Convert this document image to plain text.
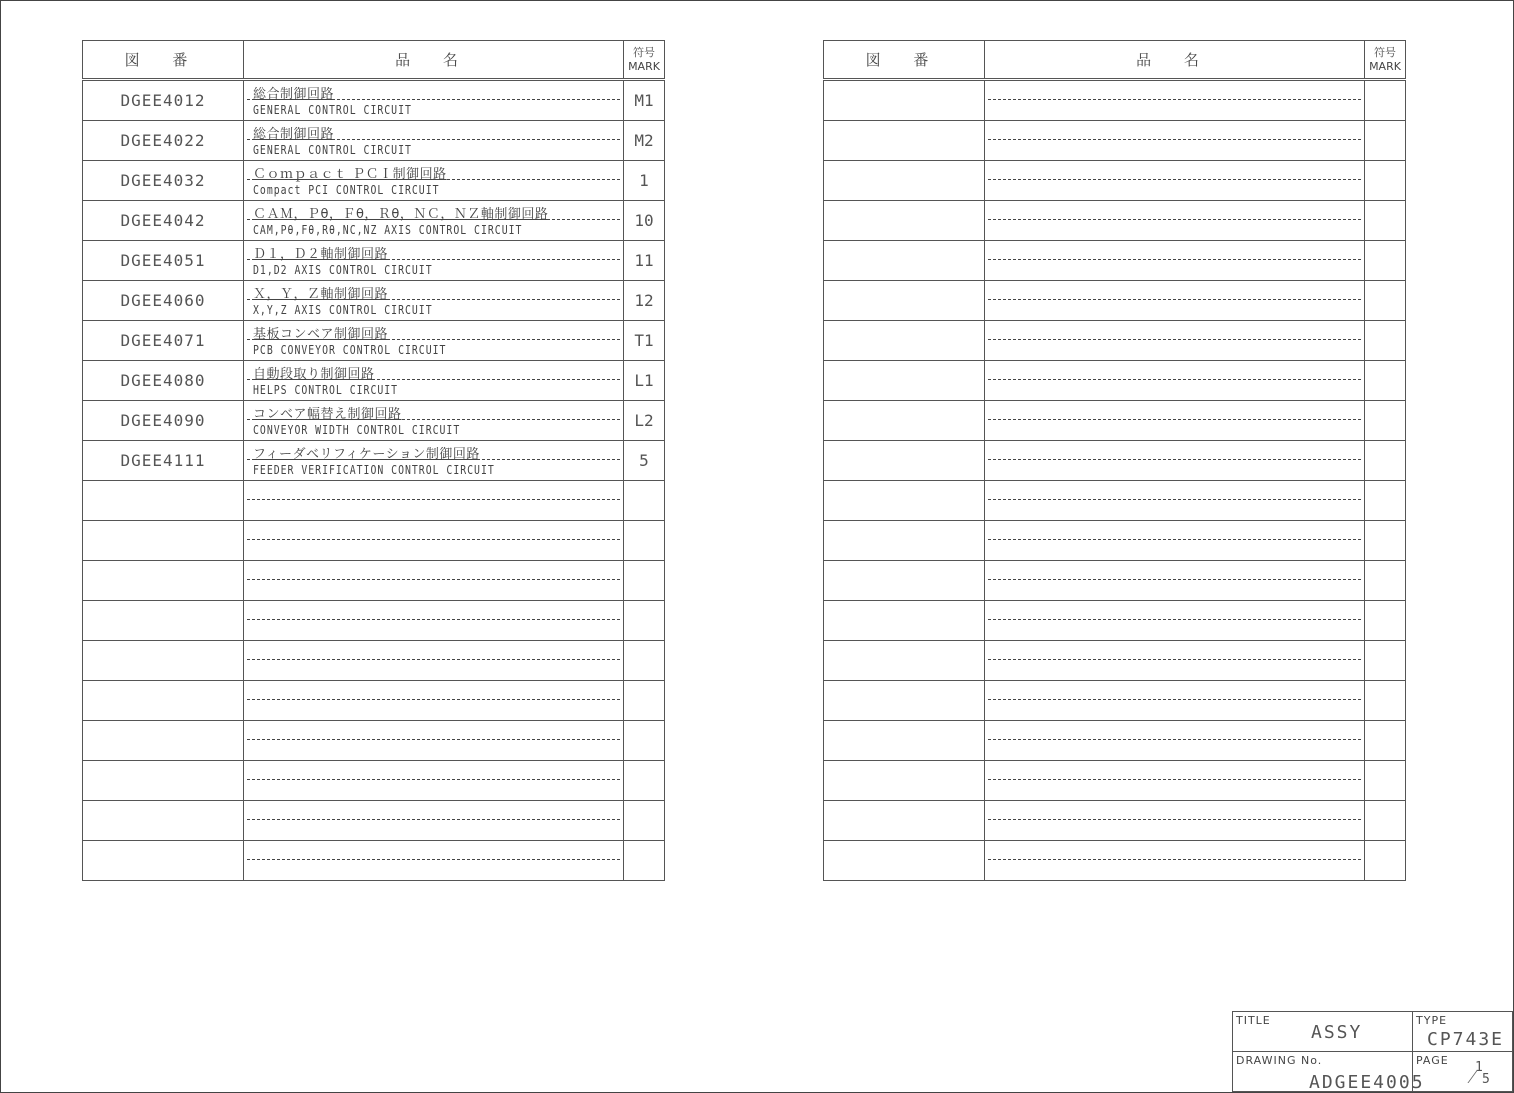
図 番	品 名	符号
MARK

DGEE4012	総合制御回路
GENERAL CONTROL CIRCUIT	M1
DGEE4022	総合制御回路
GENERAL CONTROL CIRCUIT	M2
DGEE4032	Ｃｏｍｐａｃｔ ＰＣＩ制御回路
Compact PCI CONTROL CIRCUIT	1
DGEE4042	ＣＡＭ，Ｐθ，Ｆθ，Ｒθ，ＮＣ，ＮＺ軸制御回路
CAM,Pθ,Fθ,Rθ,NC,NZ AXIS CONTROL CIRCUIT	10
DGEE4051	Ｄ１，Ｄ２軸制御回路
D1,D2 AXIS CONTROL CIRCUIT	11
DGEE4060	Ｘ，Ｙ，Ｚ軸制御回路
X,Y,Z AXIS CONTROL CIRCUIT	12
DGEE4071	基板コンベア制御回路
PCB CONVEYOR CONTROL CIRCUIT	T1
DGEE4080	自動段取り制御回路
HELPS CONTROL CIRCUIT	L1
DGEE4090	コンベア幅替え制御回路
CONVEYOR WIDTH CONTROL CIRCUIT	L2
DGEE4111	フィーダベリフィケーション制御回路
FEEDER VERIFICATION CONTROL CIRCUIT	5

図 番	品 名	符号
MARK

TITLE
ASSY	TYPE
CP743E

DRAWING No.
ADGEE4005	PAGE 1
⁄ 5
